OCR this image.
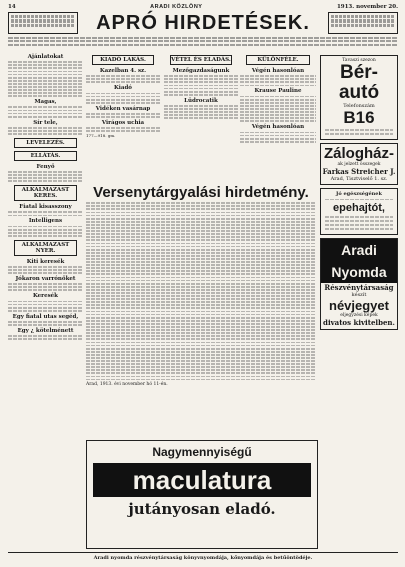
14	ARADI KÖZLÖNY	1913. november 20.
APRÓ HIRDETÉSEK.
Ajánlatokat
Magas,
Sír tele,
LEVELEZÉS.
ELLÁTÁS.
Fenyő
ALKALMAZAST KERES.
Fiatal kisasszony
Intelligens
ALKALMAZAST NYER.
Kiti keresék
Jókaron varrónőket
Keresék
Egy fiatal utas segéd,
Egy ¿ kötelménett
KIADÓ LAKÁS.
Kazelban 4. sz.
Kiadó
Vidéken vasárnap
Virágos uchia
177—918. gm.
VÉTEL ÉS ELADÁS.
Mezőgazdaságunk
Lüdrocatik
Versenytárgyalási hirdetmény.
Arad, 1913. évi november hó 11-én.
KÜLÖNFÉLE.
Végén hasonlóan
Krause Pauline
Végén hasonlóan
Tavaszi szezon
Bér-autó
Telefonszám
B16
Zálogház-
ak jelzett összegek
Farkas Streicher J.
Arad, Tisztviselő 1. sz.
Jó egészségének
epehajtót,
Aradi Nyomda
Részvénytársaság
készít
névjegyet
eljegyzési képek
divatos kivitelben.
Nagymennyiségű
maculatura
jutányosan eladó.
Aradi nyomda részvénytársaság könyvnyomdája, kőnyomdája és betűöntödéje.
